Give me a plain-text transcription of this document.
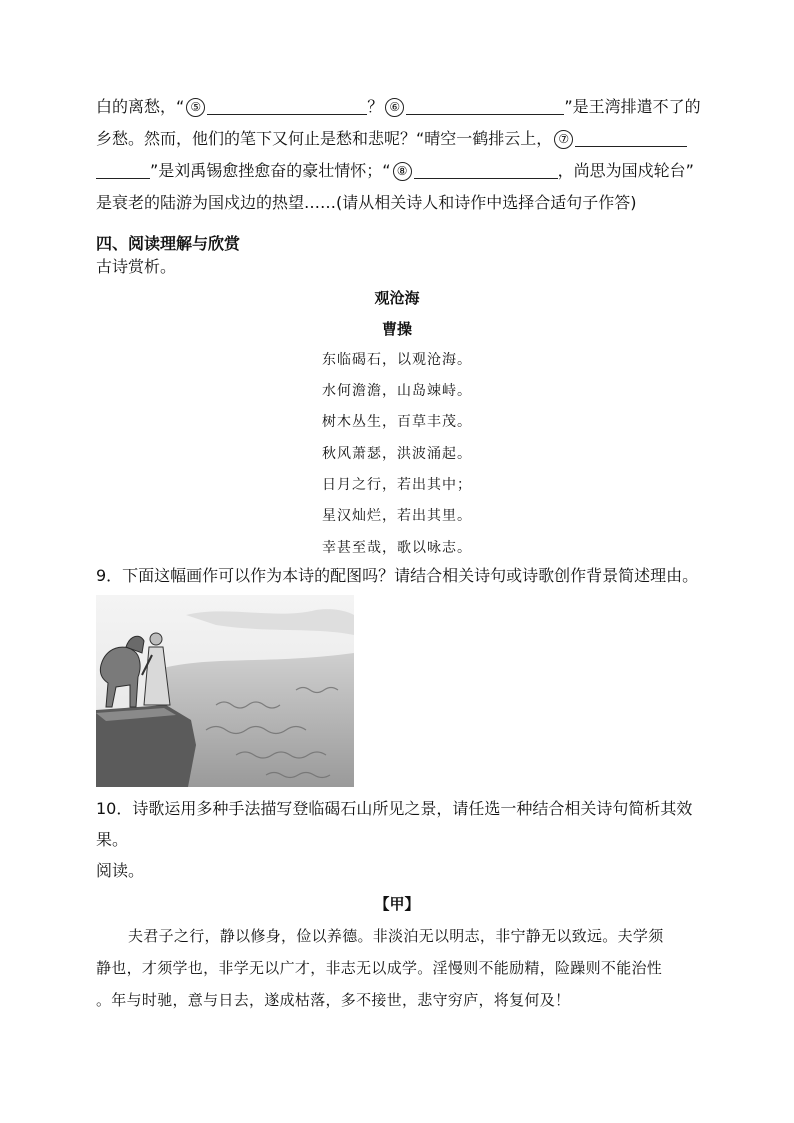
白的离愁，“ ⑤	？ ⑥	”是王湾排遣不了的
乡愁。然而，他们的笔下又何止是愁和悲呢？“晴空一鹤排云上， ⑦
”是刘禹锡愈挫愈奋的豪壮情怀；“ ⑧	，尚思为国戍轮台”
是衰老的陆游为国戍边的热望……(请从相关诗人和诗作中选择合适句子作答)
四、阅读理解与欣赏
古诗赏析。
观沧海
曹操
东临碣石，以观沧海。
水何澹澹，山岛竦峙。
树木丛生，百草丰茂。
秋风萧瑟，洪波涌起。
日月之行，若出其中；
星汉灿烂，若出其里。
幸甚至哉，歌以咏志。
9．下面这幅画作可以作为本诗的配图吗？请结合相关诗句或诗歌创作背景简述理由。
10．诗歌运用多种手法描写登临碣石山所见之景，请任选一种结合相关诗句简析其效
果。
阅读。
【甲】
夫君子之行，静以修身，俭以养德。非淡泊无以明志，非宁静无以致远。夫学须
静也，才须学也，非学无以广才，非志无以成学。淫慢则不能励精，险躁则不能治性
。年与时驰，意与日去，遂成枯落，多不接世，悲守穷庐，将复何及！
